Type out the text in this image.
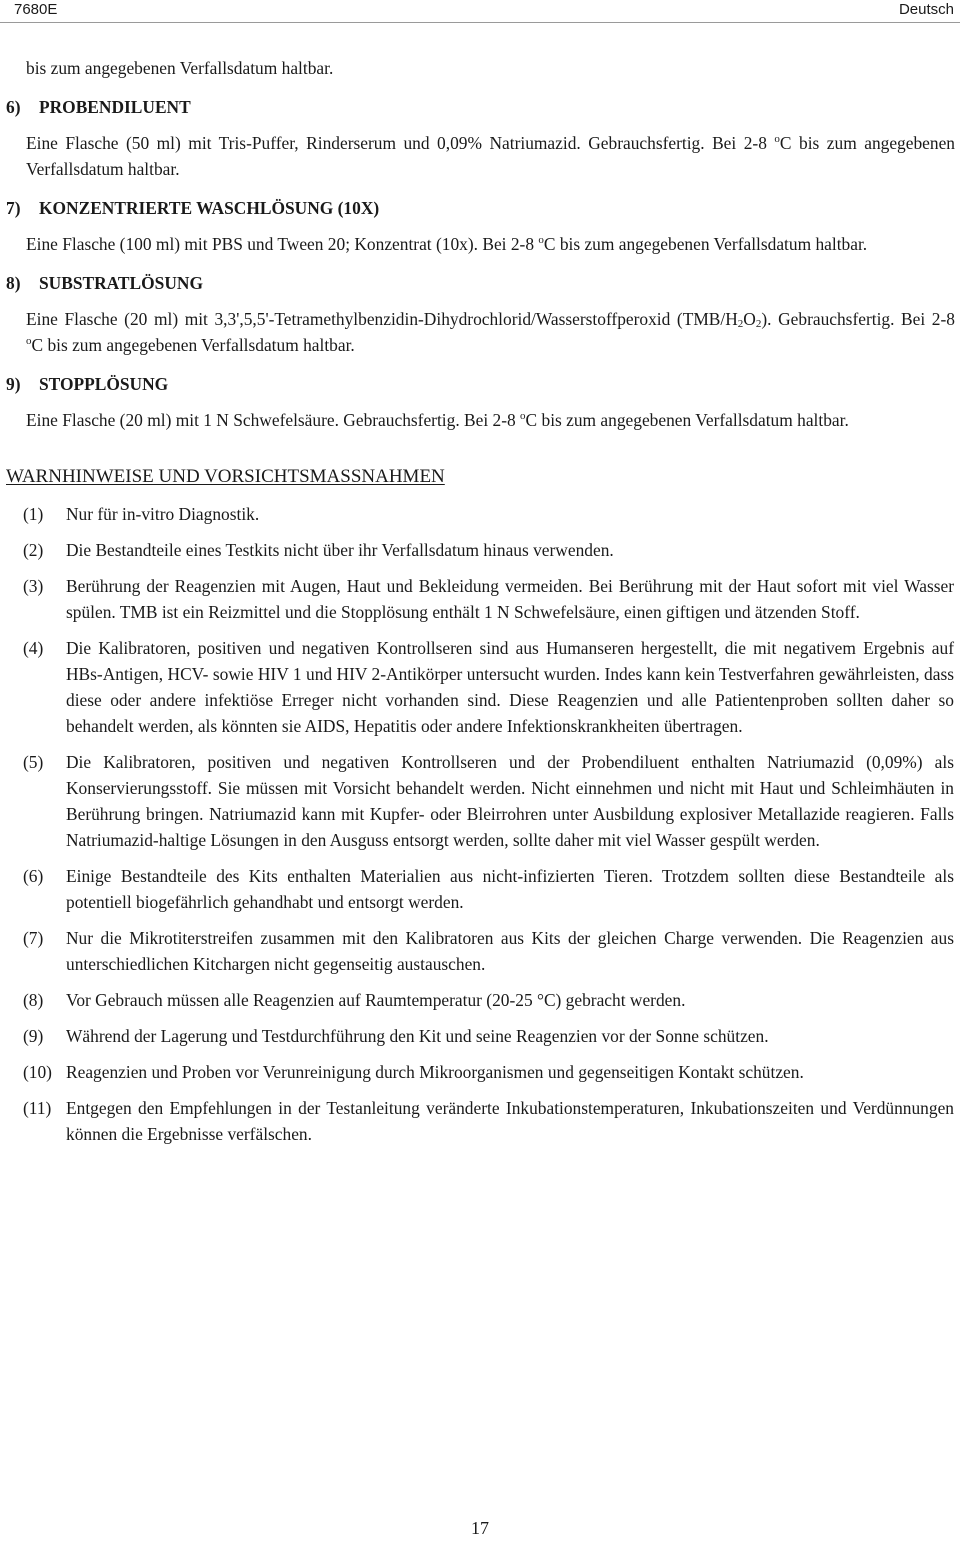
7680E	Deutsch
bis zum angegebenen Verfallsdatum haltbar.
6) PROBENDILUENT
Eine Flasche (50 ml) mit Tris-Puffer, Rinderserum und 0,09% Natriumazid. Gebrauchsfertig. Bei 2-8 $^o$C bis zum angegebenen Verfallsdatum haltbar.
7) KONZENTRIERTE WASCHLÖSUNG (10X)
Eine Flasche (100 ml) mit PBS und Tween 20; Konzentrat (10x). Bei 2-8 $^o$C bis zum angegebenen Verfallsdatum haltbar.
8) SUBSTRATLÖSUNG
Eine Flasche (20 ml) mit 3,3',5,5'-Tetramethylbenzidin-Dihydrochlorid/Wasserstoffperoxid $(TMB/H_2O_2)$. Gebrauchsfertig. Bei 2-8 $^o$C bis zum angegebenen Verfallsdatum haltbar.
9) STOPPLÖSUNG
Eine Flasche (20 ml) mit 1 N Schwefelsäure. Gebrauchsfertig. Bei 2-8 $^o$C bis zum angegebenen Verfallsdatum haltbar.
WARNHINWEISE UND VORSICHTSMASSNAHMEN
(1) Nur für in-vitro Diagnostik.
(2) Die Bestandteile eines Testkits nicht über ihr Verfallsdatum hinaus verwenden.
(3) Berührung der Reagenzien mit Augen, Haut und Bekleidung vermeiden. Bei Berührung mit der Haut sofort mit viel Wasser spülen. TMB ist ein Reizmittel und die Stopplösung enthält 1 N Schwefelsäure, einen giftigen und ätzenden Stoff.
(4) Die Kalibratoren, positiven und negativen Kontrollseren sind aus Humanseren hergestellt, die mit negativem Ergebnis auf HBs-Antigen, HCV- sowie HIV 1 und HIV 2-Antikörper untersucht wurden. Indes kann kein Testverfahren gewährleisten, dass diese oder andere infektiöse Erreger nicht vorhanden sind. Diese Reagenzien und alle Patientenproben sollten daher so behandelt werden, als könnten sie AIDS, Hepatitis oder andere Infektionskrankheiten übertragen.
(5) Die Kalibratoren, positiven und negativen Kontrollseren und der Probendiluent enthalten Natriumazid (0,09%) als Konservierungsstoff. Sie müssen mit Vorsicht behandelt werden. Nicht einnehmen und nicht mit Haut und Schleimhäuten in Berührung bringen. Natriumazid kann mit Kupfer- oder Bleirrohren unter Ausbildung explosiver Metallazide reagieren. Falls Natriumazid-haltige Lösungen in den Ausguss entsorgt werden, sollte daher mit viel Wasser gespült werden.
(6) Einige Bestandteile des Kits enthalten Materialien aus nicht-infizierten Tieren. Trotzdem sollten diese Bestandteile als potentiell biogefährlich gehandhabt und entsorgt werden.
(7) Nur die Mikrotiterstreifen zusammen mit den Kalibratoren aus Kits der gleichen Charge verwenden. Die Reagenzien aus unterschiedlichen Kitchargen nicht gegenseitig austauschen.
(8) Vor Gebrauch müssen alle Reagenzien auf Raumtemperatur (20-25 °C) gebracht werden.
(9) Während der Lagerung und Testdurchführung den Kit und seine Reagenzien vor der Sonne schützen.
(10) Reagenzien und Proben vor Verunreinigung durch Mikroorganismen und gegenseitigen Kontakt schützen.
(11) Entgegen den Empfehlungen in der Testanleitung veränderte Inkubationstemperaturen, Inkubationszeiten und Verdünnungen können die Ergebnisse verfälschen.
17
